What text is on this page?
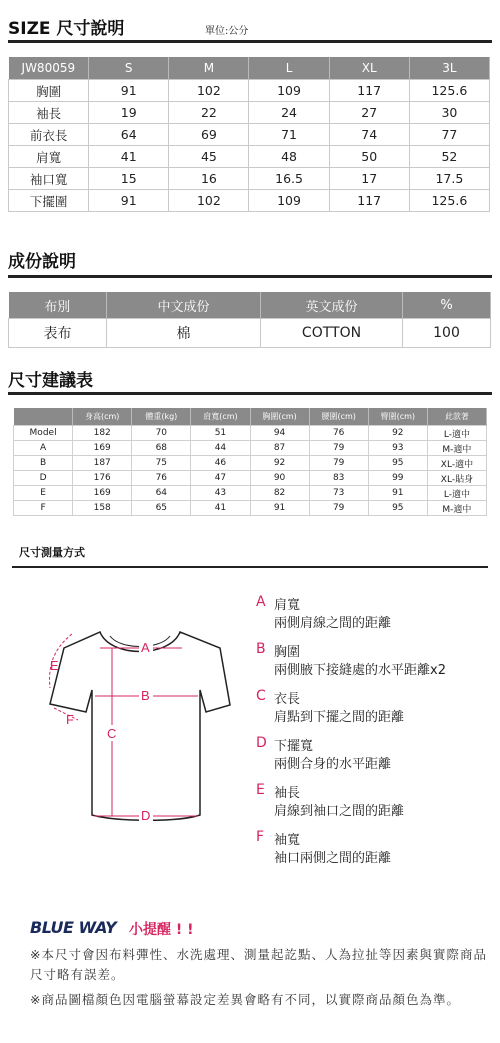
SIZE 尺寸說明	單位:公分
JW80059	S	M	L	XL	3L
胸圍	91	102	109	117	125.6
袖長	19	22	24	27	30
前衣長	64	69	71	74	77
肩寬	41	45	48	50	52
袖口寬	15	16	16.5	17	17.5
下擺圍	91	102	109	117	125.6
成份說明
布別	中文成份	英文成份	%
表布	棉	COTTON	100
尺寸建議表
	身高(cm)	體重(kg)	肩寬(cm)	胸圍(cm)	腰圍(cm)	臀圍(cm)	此款著
Model	182	70	51	94	76	92	L-適中
A	169	68	44	87	79	93	M-適中
B	187	75	46	92	79	95	XL-適中
D	176	76	47	90	83	99	XL-貼身
E	169	64	43	82	73	91	L-適中
F	158	65	41	91	79	95	M-適中
尺寸測量方式
A
B
C
D
E
F
A 肩寬
兩側肩線之間的距離
B 胸圍
兩側腋下接縫處的水平距離x2
C 衣長
肩點到下擺之間的距離
D 下擺寬
兩側合身的水平距離
E 袖長
肩線到袖口之間的距離
F 袖寬
袖口兩側之間的距離
BLUE WAY 小提醒 ! !
※本尺寸會因布料彈性、水洗處理、測量起訖點、人為拉扯等因素與實際商品尺寸略有誤差。
※商品圖檔顏色因電腦螢幕設定差異會略有不同，以實際商品顏色為準。
